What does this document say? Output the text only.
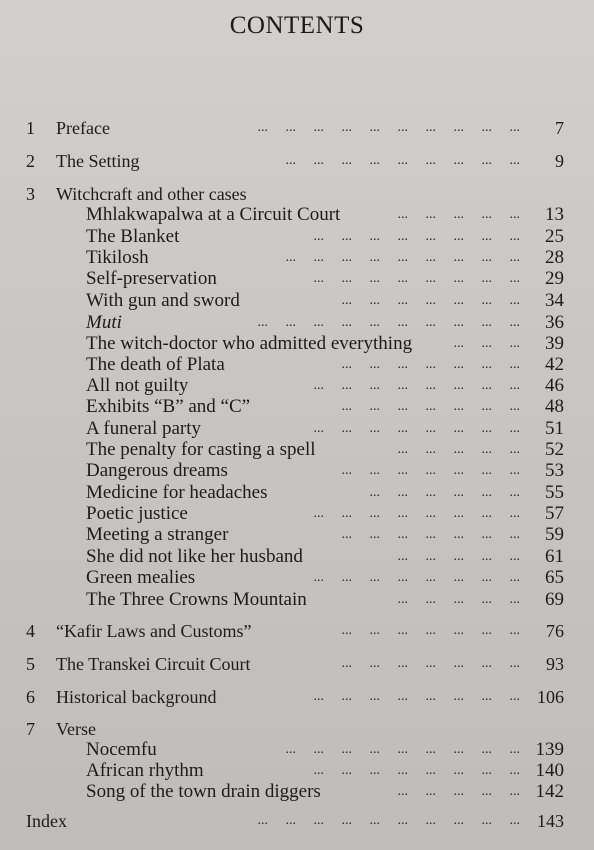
CONTENTS
1 Preface	...     ...     ...     ...     ...     ...     ...     ...     ...     ...	7
2 The Setting	...     ...     ...     ...     ...     ...     ...     ...     ...	9
3 Witchcraft and other cases
Mhlakwapalwa at a Circuit Court	...     ...     ...     ...     ...	13
The Blanket	...     ...     ...     ...     ...     ...     ...     ...	25
Tikilosh	...     ...     ...     ...     ...     ...     ...     ...     ...	28
Self-preservation	...     ...     ...     ...     ...     ...     ...     ...	29
With gun and sword	...     ...     ...     ...     ...     ...     ...	34
Muti	...     ...     ...     ...     ...     ...     ...     ...     ...     ...	36
The witch-doctor who admitted everything	...     ...     ...	39
The death of Plata	...     ...     ...     ...     ...     ...     ...	42
All not guilty	...     ...     ...     ...     ...     ...     ...     ...	46
Exhibits “B” and “C”	...     ...     ...     ...     ...     ...     ...	48
A funeral party	...     ...     ...     ...     ...     ...     ...     ...	51
The penalty for casting a spell	...     ...     ...     ...     ...	52
Dangerous dreams	...     ...     ...     ...     ...     ...     ...	53
Medicine for headaches	...     ...     ...     ...     ...     ...	55
Poetic justice	...     ...     ...     ...     ...     ...     ...     ...	57
Meeting a stranger	...     ...     ...     ...     ...     ...     ...	59
She did not like her husband	...     ...     ...     ...     ...	61
Green mealies	...     ...     ...     ...     ...     ...     ...     ...	65
The Three Crowns Mountain	...     ...     ...     ...     ...	69
4 “Kafir Laws and Customs”	...     ...     ...     ...     ...     ...     ...	76
5 The Transkei Circuit Court	...     ...     ...     ...     ...     ...     ...	93
6 Historical background	...     ...     ...     ...     ...     ...     ...     ... 106
7 Verse
Nocemfu	...     ...     ...     ...     ...     ...     ...     ...     ... 139
African rhythm	...     ...     ...     ...     ...     ...     ...     ... 140
Song of the town drain diggers	...     ...     ...     ...     ... 142
Index	...     ...     ...     ...     ...     ...     ...     ...     ...     ... 143
